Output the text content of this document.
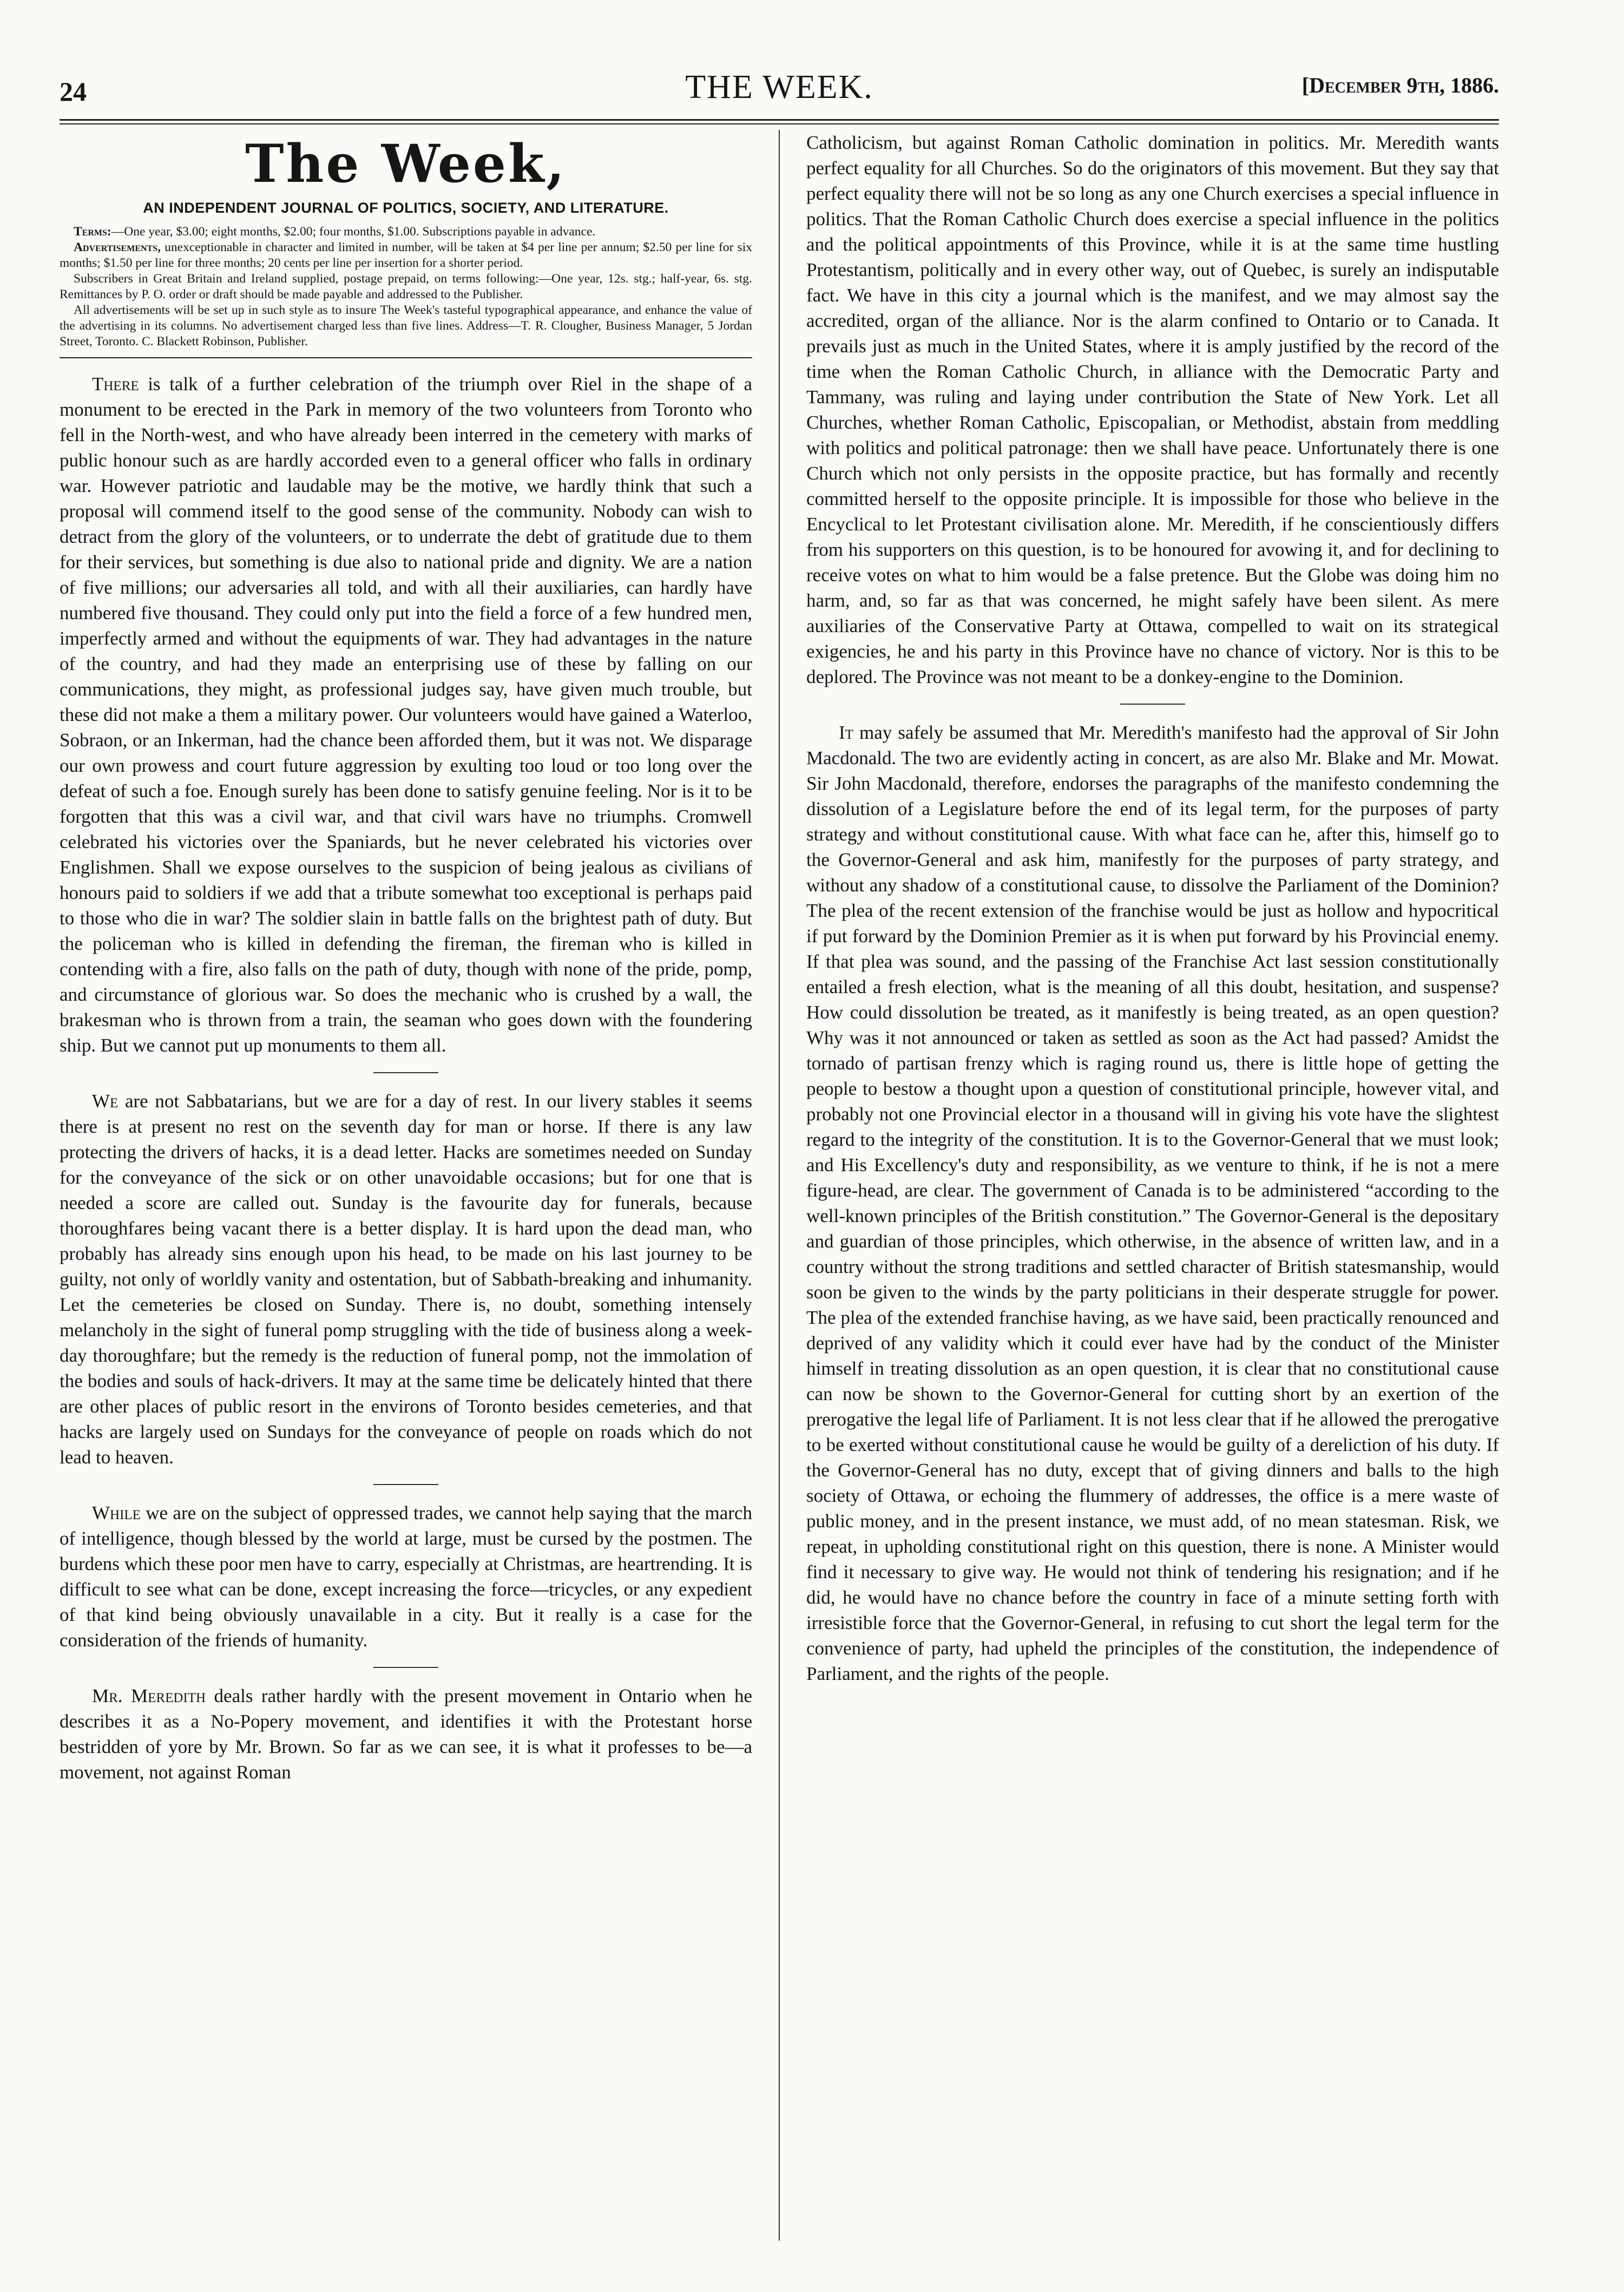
24	THE WEEK.	[December 9th, 1886.
The Week,
AN INDEPENDENT JOURNAL OF POLITICS, SOCIETY, AND LITERATURE.

Terms:—One year, $3.00; eight months, $2.00; four months, $1.00. Subscriptions payable in advance.

Advertisements, unexceptionable in character and limited in number, will be taken at $4 per line per annum; $2.50 per line for six months; $1.50 per line for three months; 20 cents per line per insertion for a shorter period.

Subscribers in Great Britain and Ireland supplied, postage prepaid, on terms following:—One year, 12s. stg.; half-year, 6s. stg. Remittances by P. O. order or draft should be made payable and addressed to the Publisher.

All advertisements will be set up in such style as to insure The Week's tasteful typographical appearance, and enhance the value of the advertising in its columns. No advertisement charged less than five lines. Address—T. R. Clougher, Business Manager, 5 Jordan Street, Toronto. C. Blackett Robinson, Publisher.

There is talk of a further celebration of the triumph over Riel in the shape of a monument to be erected in the Park in memory of the two volunteers from Toronto who fell in the North-west, and who have already been interred in the cemetery with marks of public honour such as are hardly accorded even to a general officer who falls in ordinary war. However patriotic and laudable may be the motive, we hardly think that such a proposal will commend itself to the good sense of the community. Nobody can wish to detract from the glory of the volunteers, or to underrate the debt of gratitude due to them for their services, but something is due also to national pride and dignity. We are a nation of five millions; our adversaries all told, and with all their auxiliaries, can hardly have numbered five thousand. They could only put into the field a force of a few hundred men, imperfectly armed and without the equipments of war. They had advantages in the nature of the country, and had they made an enterprising use of these by falling on our communications, they might, as professional judges say, have given much trouble, but these did not make a them a military power. Our volunteers would have gained a Waterloo, Sobraon, or an Inkerman, had the chance been afforded them, but it was not. We disparage our own prowess and court future aggression by exulting too loud or too long over the defeat of such a foe. Enough surely has been done to satisfy genuine feeling. Nor is it to be forgotten that this was a civil war, and that civil wars have no triumphs. Cromwell celebrated his victories over the Spaniards, but he never celebrated his victories over Englishmen. Shall we expose ourselves to the suspicion of being jealous as civilians of honours paid to soldiers if we add that a tribute somewhat too exceptional is perhaps paid to those who die in war? The soldier slain in battle falls on the brightest path of duty. But the policeman who is killed in defending the fireman, the fireman who is killed in contending with a fire, also falls on the path of duty, though with none of the pride, pomp, and circumstance of glorious war. So does the mechanic who is crushed by a wall, the brakesman who is thrown from a train, the seaman who goes down with the foundering ship. But we cannot put up monuments to them all.

We are not Sabbatarians, but we are for a day of rest. In our livery stables it seems there is at present no rest on the seventh day for man or horse. If there is any law protecting the drivers of hacks, it is a dead letter. Hacks are sometimes needed on Sunday for the conveyance of the sick or on other unavoidable occasions; but for one that is needed a score are called out. Sunday is the favourite day for funerals, because thoroughfares being vacant there is a better display. It is hard upon the dead man, who probably has already sins enough upon his head, to be made on his last journey to be guilty, not only of worldly vanity and ostentation, but of Sabbath-breaking and inhumanity. Let the cemeteries be closed on Sunday. There is, no doubt, something intensely melancholy in the sight of funeral pomp struggling with the tide of business along a week-day thoroughfare; but the remedy is the reduction of funeral pomp, not the immolation of the bodies and souls of hack-drivers. It may at the same time be delicately hinted that there are other places of public resort in the environs of Toronto besides cemeteries, and that hacks are largely used on Sundays for the conveyance of people on roads which do not lead to heaven.

While we are on the subject of oppressed trades, we cannot help saying that the march of intelligence, though blessed by the world at large, must be cursed by the postmen. The burdens which these poor men have to carry, especially at Christmas, are heartrending. It is difficult to see what can be done, except increasing the force—tricycles, or any expedient of that kind being obviously unavailable in a city. But it really is a case for the consideration of the friends of humanity.

Mr. Meredith deals rather hardly with the present movement in Ontario when he describes it as a No-Popery movement, and identifies it with the Protestant horse bestridden of yore by Mr. Brown. So far as we can see, it is what it professes to be—a movement, not against Roman

Catholicism, but against Roman Catholic domination in politics. Mr. Meredith wants perfect equality for all Churches. So do the originators of this movement. But they say that perfect equality there will not be so long as any one Church exercises a special influence in politics. That the Roman Catholic Church does exercise a special influence in the politics and the political appointments of this Province, while it is at the same time hustling Protestantism, politically and in every other way, out of Quebec, is surely an indisputable fact. We have in this city a journal which is the manifest, and we may almost say the accredited, organ of the alliance. Nor is the alarm confined to Ontario or to Canada. It prevails just as much in the United States, where it is amply justified by the record of the time when the Roman Catholic Church, in alliance with the Democratic Party and Tammany, was ruling and laying under contribution the State of New York. Let all Churches, whether Roman Catholic, Episcopalian, or Methodist, abstain from meddling with politics and political patronage: then we shall have peace. Unfortunately there is one Church which not only persists in the opposite practice, but has formally and recently committed herself to the opposite principle. It is impossible for those who believe in the Encyclical to let Protestant civilisation alone. Mr. Meredith, if he conscientiously differs from his supporters on this question, is to be honoured for avowing it, and for declining to receive votes on what to him would be a false pretence. But the Globe was doing him no harm, and, so far as that was concerned, he might safely have been silent. As mere auxiliaries of the Conservative Party at Ottawa, compelled to wait on its strategical exigencies, he and his party in this Province have no chance of victory. Nor is this to be deplored. The Province was not meant to be a donkey-engine to the Dominion.

It may safely be assumed that Mr. Meredith's manifesto had the approval of Sir John Macdonald. The two are evidently acting in concert, as are also Mr. Blake and Mr. Mowat. Sir John Macdonald, therefore, endorses the paragraphs of the manifesto condemning the dissolution of a Legislature before the end of its legal term, for the purposes of party strategy and without constitutional cause. With what face can he, after this, himself go to the Governor-General and ask him, manifestly for the purposes of party strategy, and without any shadow of a constitutional cause, to dissolve the Parliament of the Dominion? The plea of the recent extension of the franchise would be just as hollow and hypocritical if put forward by the Dominion Premier as it is when put forward by his Provincial enemy. If that plea was sound, and the passing of the Franchise Act last session constitutionally entailed a fresh election, what is the meaning of all this doubt, hesitation, and suspense? How could dissolution be treated, as it manifestly is being treated, as an open question? Why was it not announced or taken as settled as soon as the Act had passed? Amidst the tornado of partisan frenzy which is raging round us, there is little hope of getting the people to bestow a thought upon a question of constitutional principle, however vital, and probably not one Provincial elector in a thousand will in giving his vote have the slightest regard to the integrity of the constitution. It is to the Governor-General that we must look; and His Excellency's duty and responsibility, as we venture to think, if he is not a mere figure-head, are clear. The government of Canada is to be administered “according to the well-known principles of the British constitution.” The Governor-General is the depositary and guardian of those principles, which otherwise, in the absence of written law, and in a country without the strong traditions and settled character of British statesmanship, would soon be given to the winds by the party politicians in their desperate struggle for power. The plea of the extended franchise having, as we have said, been practically renounced and deprived of any validity which it could ever have had by the conduct of the Minister himself in treating dissolution as an open question, it is clear that no constitutional cause can now be shown to the Governor-General for cutting short by an exertion of the prerogative the legal life of Parliament. It is not less clear that if he allowed the prerogative to be exerted without constitutional cause he would be guilty of a dereliction of his duty. If the Governor-General has no duty, except that of giving dinners and balls to the high society of Ottawa, or echoing the flummery of addresses, the office is a mere waste of public money, and in the present instance, we must add, of no mean statesman. Risk, we repeat, in upholding constitutional right on this question, there is none. A Minister would find it necessary to give way. He would not think of tendering his resignation; and if he did, he would have no chance before the country in face of a minute setting forth with irresistible force that the Governor-General, in refusing to cut short the legal term for the convenience of party, had upheld the principles of the constitution, the independence of Parliament, and the rights of the people.
